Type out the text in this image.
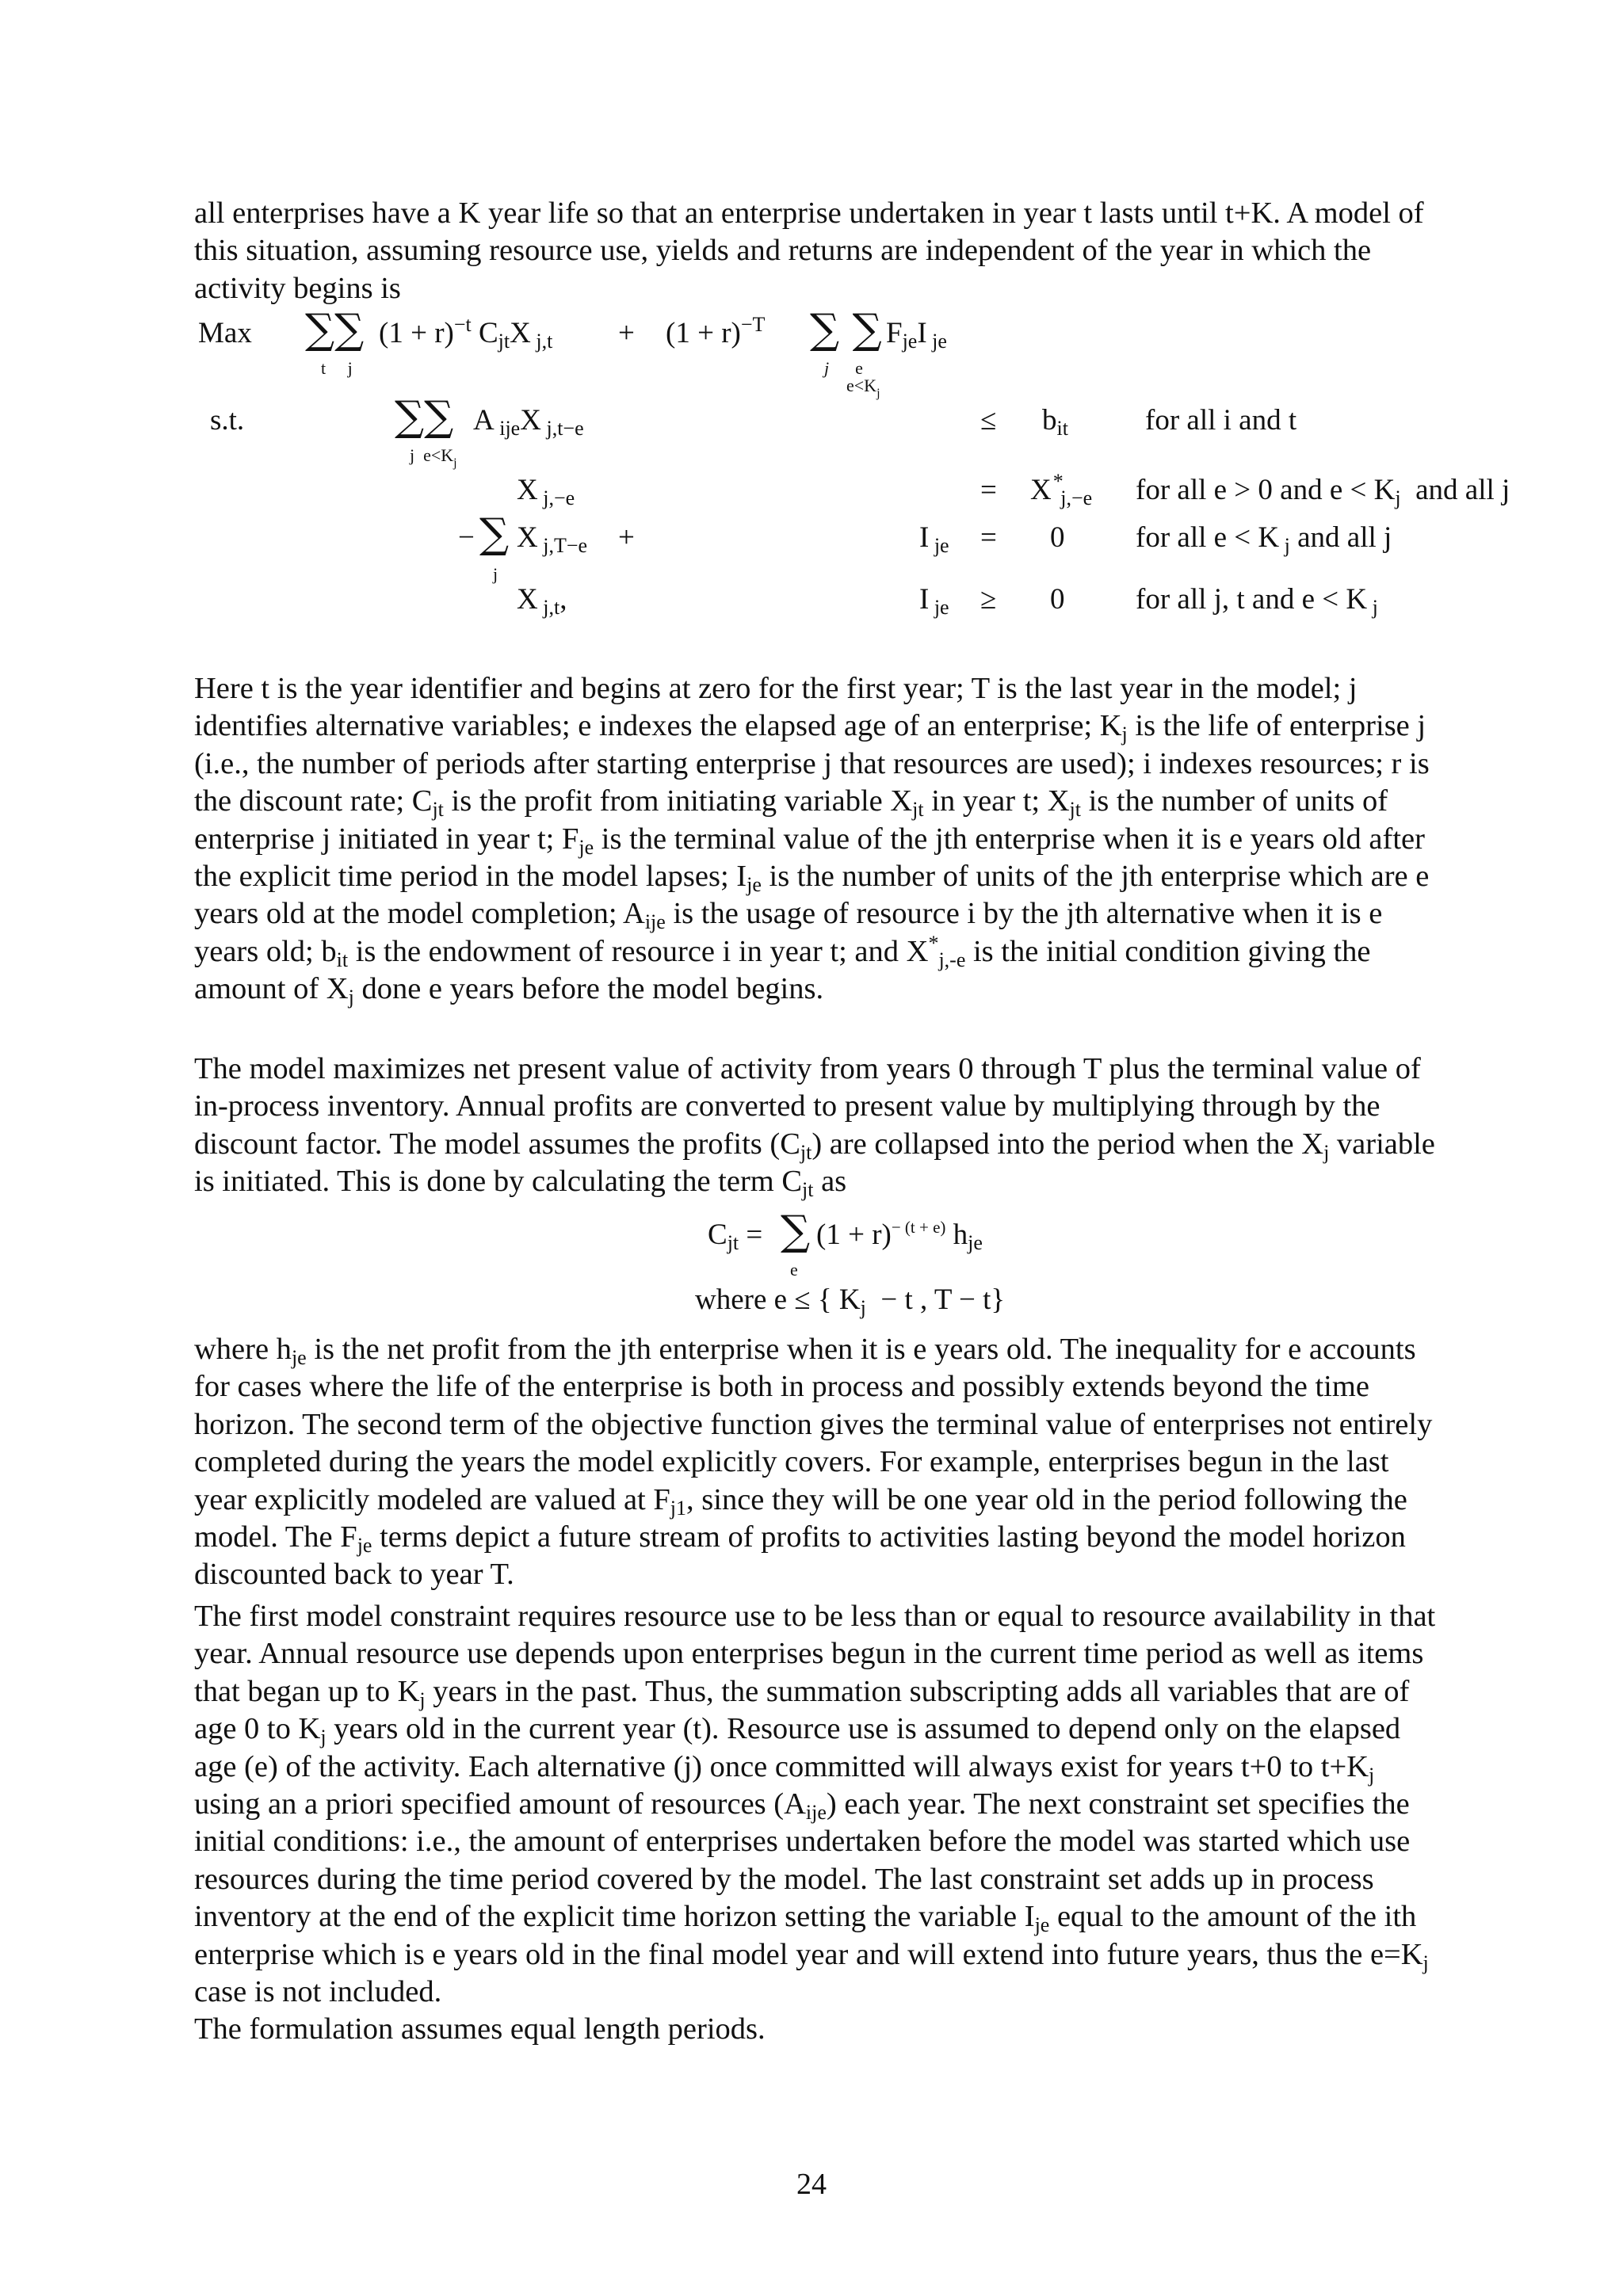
all enterprises have a K year life so that an enterprise undertaken in year t lasts until t+K. A model of this situation, assuming resource use, yields and returns are independent of the year in which the activity begins is

Max ∑∑ $(1 + r)^{-t}$ $C_{jt}X$ $_{j,t} + (1 + r)^{-T}$ ∑ ∑ $F_{je}I$ $_{je}$
t     j	j      e
$e<K_j$
s.t.	∑∑ A $_{ije}$X $_{j,t-e}$
j  $e<K_j$
≤ $b_{it}$	for all i and t
X $_{j,-e}$	= X* $_{j,-e}$ for all e > 0 and $e < K_j$ and all j
− ∑ X $_{j,T-e}$
j
+	I $_{je}$ = 0 for all e < K $_j$ and all j
X $_{j,t}$,	I $_{je}$ ≥ 0 for all j, t and e < K $_j$

Here t is the year identifier and begins at zero for the first year; T is the last year in the model; j identifies alternative variables; e indexes the elapsed age of an enterprise; $K_j$ is the life of enterprise j (i.e., the number of periods after starting enterprise j that resources are used); i indexes resources; r is the discount rate; $C_{jt}$ is the profit from initiating variable $X_{jt}$ in year t; $X_{jt}$ is the number of units of enterprise j initiated in year t; $F_{je}$ is the terminal value of the jth enterprise when it is e years old after the explicit time period in the model lapses; $I_{je}$ is the number of units of the jth enterprise which are e years old at the model completion; $A_{ije}$ is the usage of resource i by the jth alternative when it is e years old; $b_{it}$ is the endowment of resource i in year t; and $X^*_{j,-e}$ is the initial condition giving the amount of $X_j$ done e years before the model begins.

The model maximizes net present value of activity from years 0 through T plus the terminal value of in-process inventory. Annual profits are converted to present value by multiplying through by the discount factor. The model assumes the profits $(C_{jt})$ are collapsed into the period when the $X_j$ variable is initiated. This is done by calculating the term $C_{jt}$ as

$C_{jt}$ = ∑ $(1 + r)^{- (t + e)}$ $h_{je}$
e
where e ≤ { $K_j - t$ , T − t}

where $h_{je}$ is the net profit from the jth enterprise when it is e years old. The inequality for e accounts for cases where the life of the enterprise is both in process and possibly extends beyond the time horizon. The second term of the objective function gives the terminal value of enterprises not entirely completed during the years the model explicitly covers. For example, enterprises begun in the last year explicitly modeled are valued at $F_{j1}$, since they will be one year old in the period following the model. The $F_{je}$ terms depict a future stream of profits to activities lasting beyond the model horizon discounted back to year T.

The first model constraint requires resource use to be less than or equal to resource availability in that year. Annual resource use depends upon enterprises begun in the current time period as well as items that began up to $K_j$ years in the past. Thus, the summation subscripting adds all variables that are of age 0 to $K_j$ years old in the current year (t). Resource use is assumed to depend only on the elapsed age (e) of the activity. Each alternative (j) once committed will always exist for years t+0 to $t+K_j$ using an a priori specified amount of resources $(A_{ije})$ each year. The next constraint set specifies the initial conditions: i.e., the amount of enterprises undertaken before the model was started which use resources during the time period covered by the model. The last constraint set adds up in process inventory at the end of the explicit time horizon setting the variable $I_{je}$ equal to the amount of the ith enterprise which is e years old in the final model year and will extend into future years, thus the $e=K_j$ case is not included.

The formulation assumes equal length periods.

24
